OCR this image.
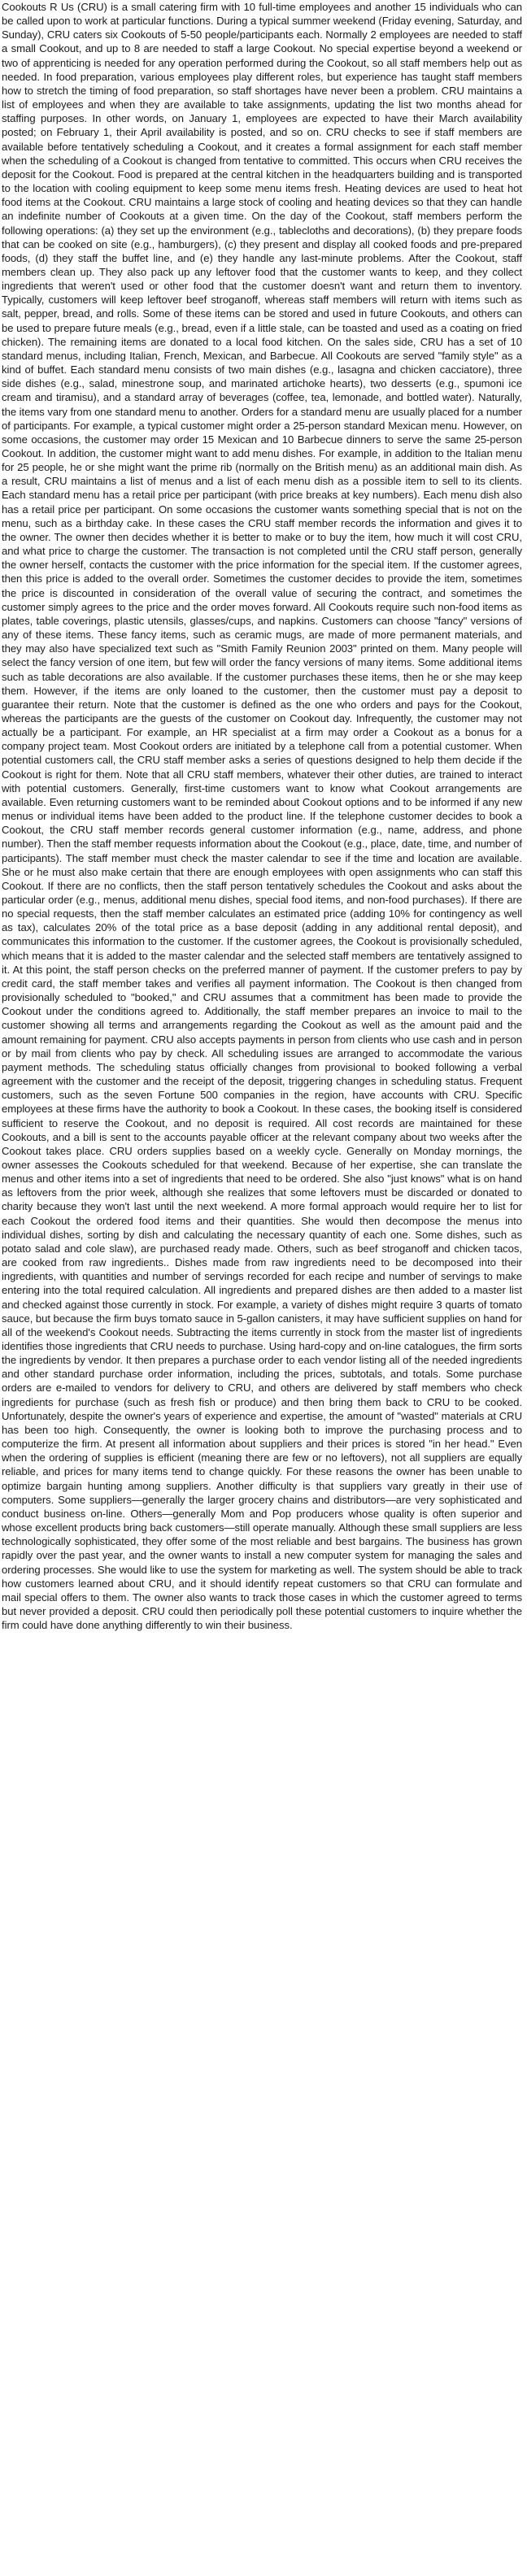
Cookouts R Us (CRU) is a small catering firm with 10 full-time employees and another 15 individuals who can be called upon to work at particular functions. During a typical summer weekend (Friday evening, Saturday, and Sunday), CRU caters six Cookouts of 5-50 people/participants each. Normally 2 employees are needed to staff a small Cookout, and up to 8 are needed to staff a large Cookout. No special expertise beyond a weekend or two of apprenticing is needed for any operation performed during the Cookout, so all staff members help out as needed. In food preparation, various employees play different roles, but experience has taught staff members how to stretch the timing of food preparation, so staff shortages have never been a problem. CRU maintains a list of employees and when they are available to take assignments, updating the list two months ahead for staffing purposes. In other words, on January 1, employees are expected to have their March availability posted; on February 1, their April availability is posted, and so on. CRU checks to see if staff members are available before tentatively scheduling a Cookout, and it creates a formal assignment for each staff member when the scheduling of a Cookout is changed from tentative to committed. This occurs when CRU receives the deposit for the Cookout. Food is prepared at the central kitchen in the headquarters building and is transported to the location with cooling equipment to keep some menu items fresh. Heating devices are used to heat hot food items at the Cookout. CRU maintains a large stock of cooling and heating devices so that they can handle an indefinite number of Cookouts at a given time. On the day of the Cookout, staff members perform the following operations: (a) they set up the environment (e.g., tablecloths and decorations), (b) they prepare foods that can be cooked on site (e.g., hamburgers), (c) they present and display all cooked foods and pre-prepared foods, (d) they staff the buffet line, and (e) they handle any last-minute problems. After the Cookout, staff members clean up. They also pack up any leftover food that the customer wants to keep, and they collect ingredients that weren't used or other food that the customer doesn't want and return them to inventory. Typically, customers will keep leftover beef stroganoff, whereas staff members will return with items such as salt, pepper, bread, and rolls. Some of these items can be stored and used in future Cookouts, and others can be used to prepare future meals (e.g., bread, even if a little stale, can be toasted and used as a coating on fried chicken). The remaining items are donated to a local food kitchen. On the sales side, CRU has a set of 10 standard menus, including Italian, French, Mexican, and Barbecue. All Cookouts are served "family style" as a kind of buffet. Each standard menu consists of two main dishes (e.g., lasagna and chicken cacciatore), three side dishes (e.g., salad, minestrone soup, and marinated artichoke hearts), two desserts (e.g., spumoni ice cream and tiramisu), and a standard array of beverages (coffee, tea, lemonade, and bottled water). Naturally, the items vary from one standard menu to another. Orders for a standard menu are usually placed for a number of participants. For example, a typical customer might order a 25-person standard Mexican menu. However, on some occasions, the customer may order 15 Mexican and 10 Barbecue dinners to serve the same 25-person Cookout. In addition, the customer might want to add menu dishes. For example, in addition to the Italian menu for 25 people, he or she might want the prime rib (normally on the British menu) as an additional main dish. As a result, CRU maintains a list of menus and a list of each menu dish as a possible item to sell to its clients. Each standard menu has a retail price per participant (with price breaks at key numbers). Each menu dish also has a retail price per participant. On some occasions the customer wants something special that is not on the menu, such as a birthday cake. In these cases the CRU staff member records the information and gives it to the owner. The owner then decides whether it is better to make or to buy the item, how much it will cost CRU, and what price to charge the customer. The transaction is not completed until the CRU staff person, generally the owner herself, contacts the customer with the price information for the special item. If the customer agrees, then this price is added to the overall order. Sometimes the customer decides to provide the item, sometimes the price is discounted in consideration of the overall value of securing the contract, and sometimes the customer simply agrees to the price and the order moves forward. All Cookouts require such non-food items as plates, table coverings, plastic utensils, glasses/cups, and napkins. Customers can choose "fancy" versions of any of these items. These fancy items, such as ceramic mugs, are made of more permanent materials, and they may also have specialized text such as "Smith Family Reunion 2003" printed on them. Many people will select the fancy version of one item, but few will order the fancy versions of many items. Some additional items such as table decorations are also available. If the customer purchases these items, then he or she may keep them. However, if the items are only loaned to the customer, then the customer must pay a deposit to guarantee their return. Note that the customer is defined as the one who orders and pays for the Cookout, whereas the participants are the guests of the customer on Cookout day. Infrequently, the customer may not actually be a participant. For example, an HR specialist at a firm may order a Cookout as a bonus for a company project team. Most Cookout orders are initiated by a telephone call from a potential customer. When potential customers call, the CRU staff member asks a series of questions designed to help them decide if the Cookout is right for them. Note that all CRU staff members, whatever their other duties, are trained to interact with potential customers. Generally, first-time customers want to know what Cookout arrangements are available. Even returning customers want to be reminded about Cookout options and to be informed if any new menus or individual items have been added to the product line. If the telephone customer decides to book a Cookout, the CRU staff member records general customer information (e.g., name, address, and phone number). Then the staff member requests information about the Cookout (e.g., place, date, time, and number of participants). The staff member must check the master calendar to see if the time and location are available. She or he must also make certain that there are enough employees with open assignments who can staff this Cookout. If there are no conflicts, then the staff person tentatively schedules the Cookout and asks about the particular order (e.g., menus, additional menu dishes, special food items, and non-food purchases). If there are no special requests, then the staff member calculates an estimated price (adding 10% for contingency as well as tax), calculates 20% of the total price as a base deposit (adding in any additional rental deposit), and communicates this information to the customer. If the customer agrees, the Cookout is provisionally scheduled, which means that it is added to the master calendar and the selected staff members are tentatively assigned to it. At this point, the staff person checks on the preferred manner of payment. If the customer prefers to pay by credit card, the staff member takes and verifies all payment information. The Cookout is then changed from provisionally scheduled to "booked," and CRU assumes that a commitment has been made to provide the Cookout under the conditions agreed to. Additionally, the staff member prepares an invoice to mail to the customer showing all terms and arrangements regarding the Cookout as well as the amount paid and the amount remaining for payment. CRU also accepts payments in person from clients who use cash and in person or by mail from clients who pay by check. All scheduling issues are arranged to accommodate the various payment methods. The scheduling status officially changes from provisional to booked following a verbal agreement with the customer and the receipt of the deposit, triggering changes in scheduling status. Frequent customers, such as the seven Fortune 500 companies in the region, have accounts with CRU. Specific employees at these firms have the authority to book a Cookout. In these cases, the booking itself is considered sufficient to reserve the Cookout, and no deposit is required. All cost records are maintained for these Cookouts, and a bill is sent to the accounts payable officer at the relevant company about two weeks after the Cookout takes place. CRU orders supplies based on a weekly cycle. Generally on Monday mornings, the owner assesses the Cookouts scheduled for that weekend. Because of her expertise, she can translate the menus and other items into a set of ingredients that need to be ordered. She also "just knows" what is on hand as leftovers from the prior week, although she realizes that some leftovers must be discarded or donated to charity because they won't last until the next weekend. A more formal approach would require her to list for each Cookout the ordered food items and their quantities. She would then decompose the menus into individual dishes, sorting by dish and calculating the necessary quantity of each one. Some dishes, such as potato salad and cole slaw), are purchased ready made. Others, such as beef stroganoff and chicken tacos, are cooked from raw ingredients.. Dishes made from raw ingredients need to be decomposed into their ingredients, with quantities and number of servings recorded for each recipe and number of servings to make entering into the total required calculation. All ingredients and prepared dishes are then added to a master list and checked against those currently in stock. For example, a variety of dishes might require 3 quarts of tomato sauce, but because the firm buys tomato sauce in 5-gallon canisters, it may have sufficient supplies on hand for all of the weekend's Cookout needs. Subtracting the items currently in stock from the master list of ingredients identifies those ingredients that CRU needs to purchase. Using hard-copy and on-line catalogues, the firm sorts the ingredients by vendor. It then prepares a purchase order to each vendor listing all of the needed ingredients and other standard purchase order information, including the prices, subtotals, and totals. Some purchase orders are e-mailed to vendors for delivery to CRU, and others are delivered by staff members who check ingredients for purchase (such as fresh fish or produce) and then bring them back to CRU to be cooked. Unfortunately, despite the owner's years of experience and expertise, the amount of "wasted" materials at CRU has been too high. Consequently, the owner is looking both to improve the purchasing process and to computerize the firm. At present all information about suppliers and their prices is stored "in her head." Even when the ordering of supplies is efficient (meaning there are few or no leftovers), not all suppliers are equally reliable, and prices for many items tend to change quickly. For these reasons the owner has been unable to optimize bargain hunting among suppliers. Another difficulty is that suppliers vary greatly in their use of computers. Some suppliers—generally the larger grocery chains and distributors—are very sophisticated and conduct business on-line. Others—generally Mom and Pop producers whose quality is often superior and whose excellent products bring back customers—still operate manually. Although these small suppliers are less technologically sophisticated, they offer some of the most reliable and best bargains. The business has grown rapidly over the past year, and the owner wants to install a new computer system for managing the sales and ordering processes. She would like to use the system for marketing as well. The system should be able to track how customers learned about CRU, and it should identify repeat customers so that CRU can formulate and mail special offers to them. The owner also wants to track those cases in which the customer agreed to terms but never provided a deposit. CRU could then periodically poll these potential customers to inquire whether the firm could have done anything differently to win their business.
